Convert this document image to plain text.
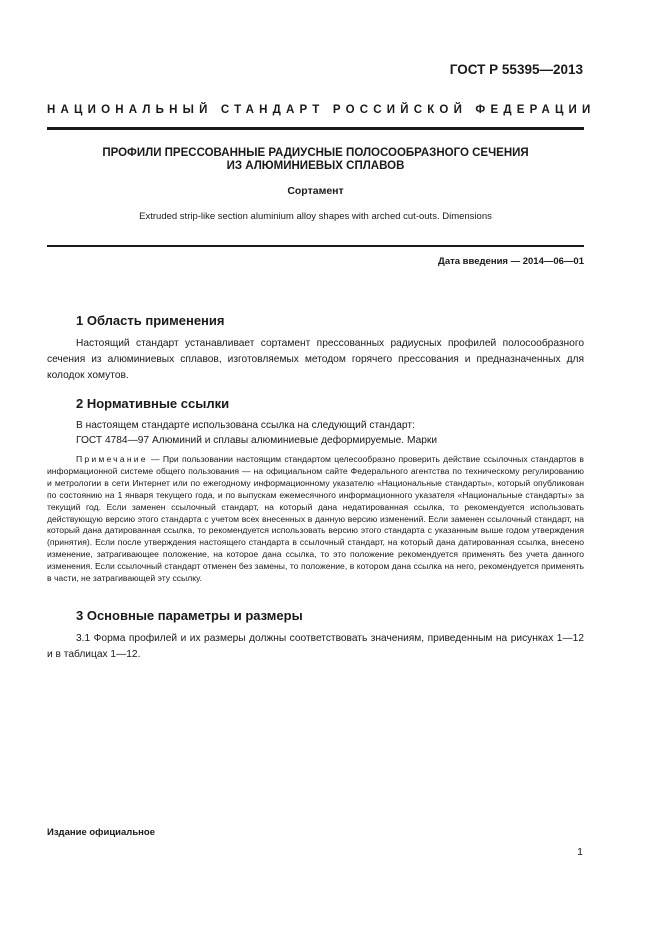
ГОСТ Р 55395—2013
НАЦИОНАЛЬНЫЙ СТАНДАРТ РОССИЙСКОЙ ФЕДЕРАЦИИ
ПРОФИЛИ ПРЕССОВАННЫЕ РАДИУСНЫЕ ПОЛОСООБРАЗНОГО СЕЧЕНИЯ
ИЗ АЛЮМИНИЕВЫХ СПЛАВОВ
Сортамент
Extruded strip-like section aluminium alloy shapes with arched cut-outs. Dimensions
Дата введения — 2014—06—01
1 Область применения
Настоящий стандарт устанавливает сортамент прессованных радиусных профилей полосообразного сечения из алюминиевых сплавов, изготовляемых методом горячего прессования и предназначенных для колодок хомутов.
2 Нормативные ссылки
В настоящем стандарте использована ссылка на следующий стандарт:
ГОСТ 4784—97 Алюминий и сплавы алюминиевые деформируемые. Марки
Примечание — При пользовании настоящим стандартом целесообразно проверить действие ссылочных стандартов в информационной системе общего пользования — на официальном сайте Федерального агентства по техническому регулированию и метрологии в сети Интернет или по ежегодному информационному указателю «Национальные стандарты», который опубликован по состоянию на 1 января текущего года, и по выпускам ежемесячного информационного указателя «Национальные стандарты» за текущий год. Если заменен ссылочный стандарт, на который дана недатированная ссылка, то рекомендуется использовать действующую версию этого стандарта с учетом всех внесенных в данную версию изменений. Если заменен ссылочный стандарт, на который дана датированная ссылка, то рекомендуется использовать версию этого стандарта с указанным выше годом утверждения (принятия). Если после утверждения настоящего стандарта в ссылочный стандарт, на который дана датированная ссылка, внесено изменение, затрагивающее положение, на которое дана ссылка, то это положение рекомендуется применять без учета данного изменения. Если ссылочный стандарт отменен без замены, то положение, в котором дана ссылка на него, рекомендуется применять в части, не затрагивающей эту ссылку.
3 Основные параметры и размеры
3.1 Форма профилей и их размеры должны соответствовать значениям, приведенным на рисунках 1—12 и в таблицах 1—12.
Издание официальное
1
